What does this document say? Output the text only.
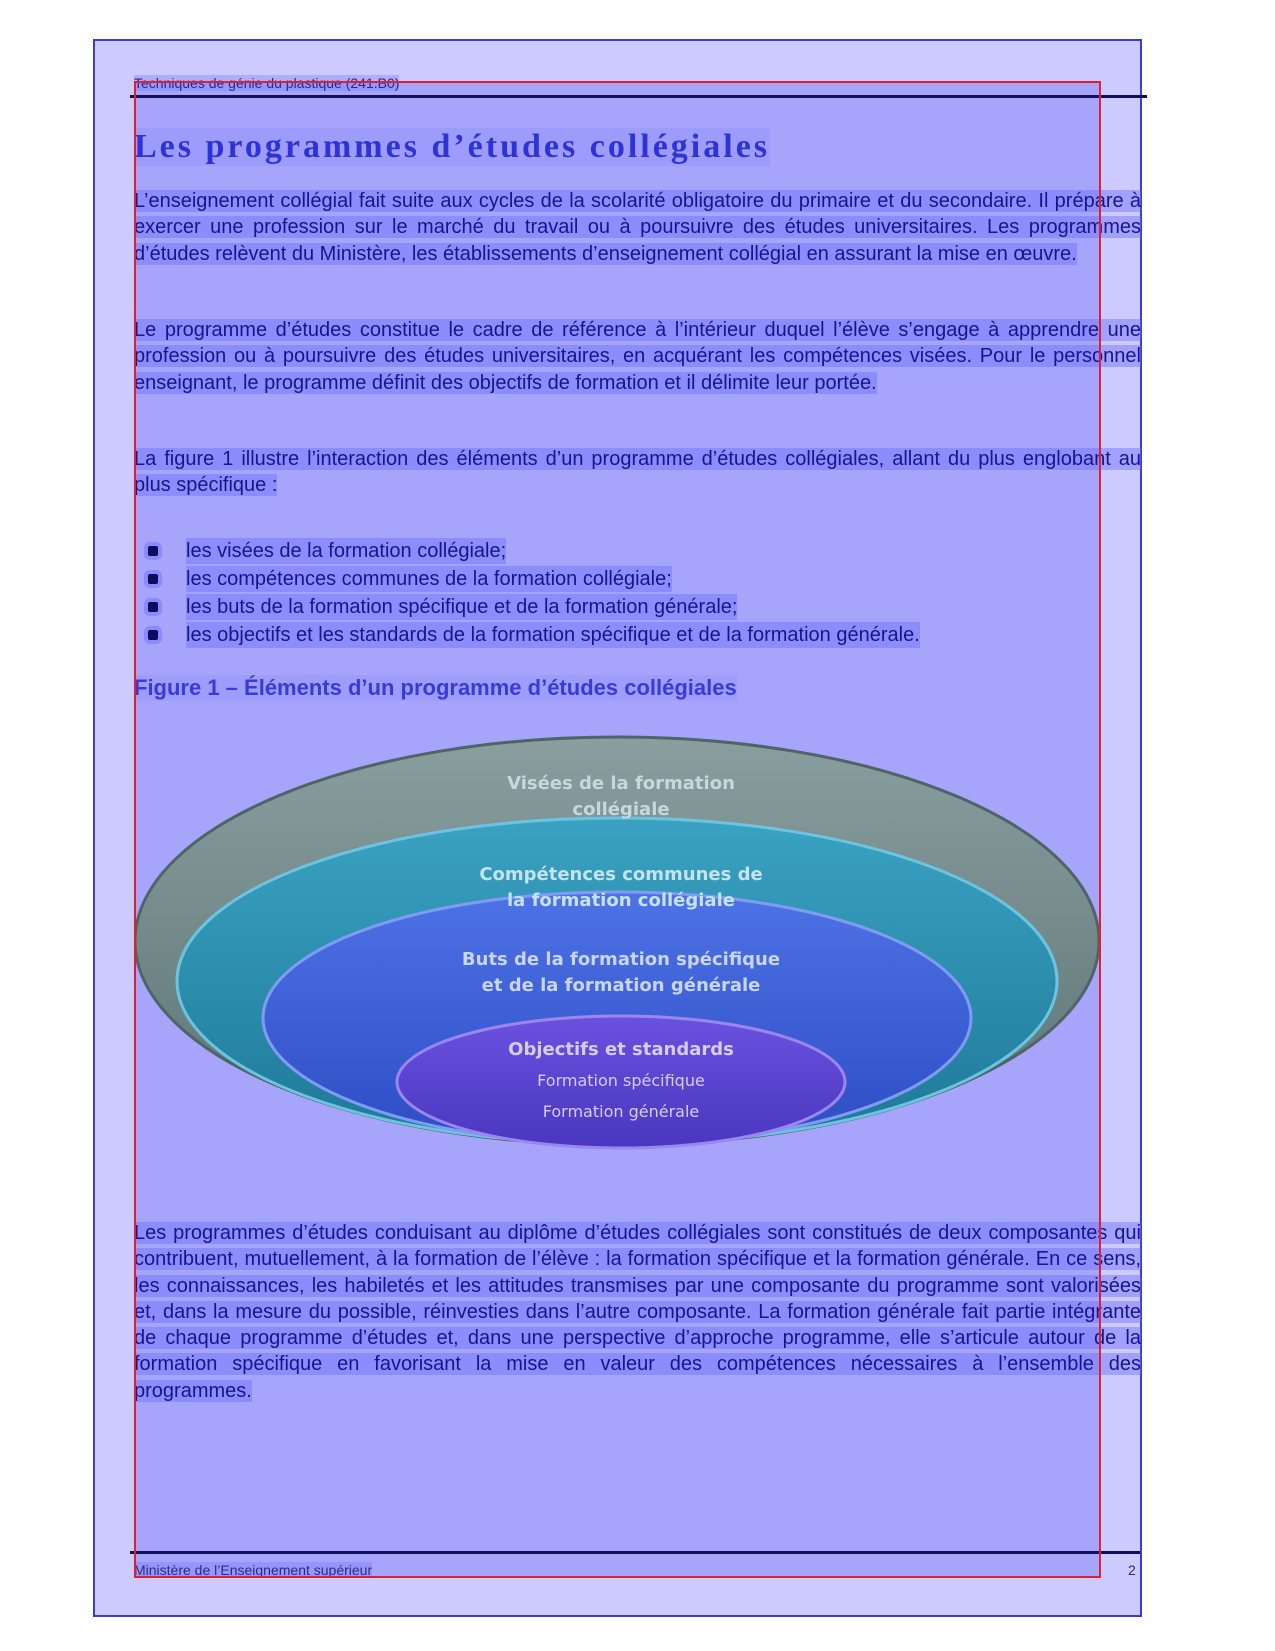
Techniques de génie du plastique (241.B0)
Les programmes d’études collégiales

L’enseignement collégial fait suite aux cycles de la scolarité obligatoire du primaire et du secondaire. Il prépare à exercer une profession sur le marché du travail ou à poursuivre des études universitaires. Les programmes d’études relèvent du Ministère, les établissements d’enseignement collégial en assurant la mise en œuvre.

Le programme d’études constitue le cadre de référence à l’intérieur duquel l’élève s’engage à apprendre une profession ou à poursuivre des études universitaires, en acquérant les compétences visées. Pour le personnel enseignant, le programme définit des objectifs de formation et il délimite leur portée.

La figure 1 illustre l’interaction des éléments d’un programme d’études collégiales, allant du plus englobant au plus spécifique :

les visées de la formation collégiale;
les compétences communes de la formation collégiale;
les buts de la formation spécifique et de la formation générale;
les objectifs et les standards de la formation spécifique et de la formation générale.
Figure 1 – Éléments d’un programme d’études collégiales
Visées de la formation
collégiale
Compétences communes de
la formation collégiale
Buts de la formation spécifique
et de la formation générale
Objectifs et standards
Formation spécifique
Formation générale

Les programmes d’études conduisant au diplôme d’études collégiales sont constitués de deux composantes qui contribuent, mutuellement, à la formation de l’élève : la formation spécifique et la formation générale. En ce sens, les connaissances, les habiletés et les attitudes transmises par une composante du programme sont valorisées et, dans la mesure du possible, réinvesties dans l’autre composante. La formation générale fait partie intégrante de chaque programme d’études et, dans une perspective d’approche programme, elle s’articule autour de la formation spécifique en favorisant la mise en valeur des compétences nécessaires à l’ensemble des programmes.

Ministère de l’Enseignement supérieur	2
